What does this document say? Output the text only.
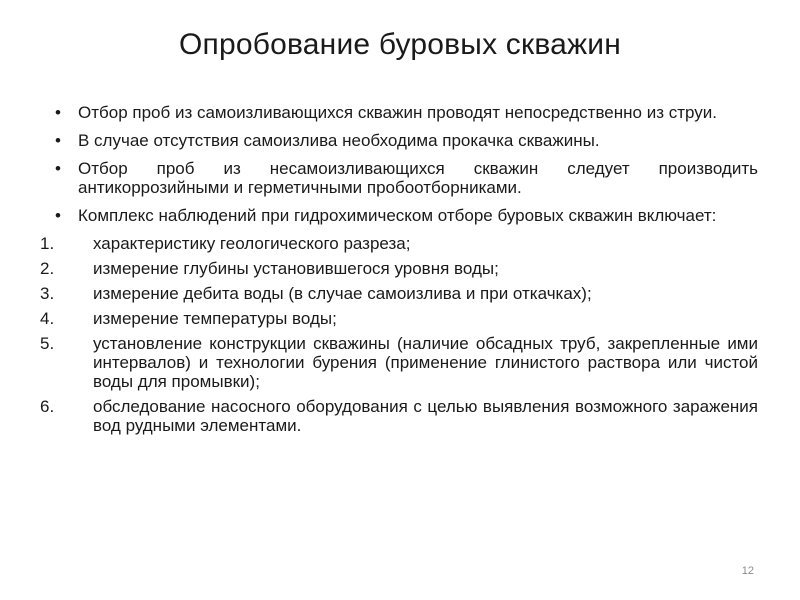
Опробование буровых скважин
•	Отбор проб из самоизливающихся скважин проводят непосредственно из струи.
•	В случае отсутствия самоизлива необходима прокачка скважины.
•	Отбор проб из несамоизливающихся скважин следует производить антикоррозийными и герметичными пробоотборниками.
•	Комплекс наблюдений при гидрохимическом отборе буровых скважин включает:
1.	характеристику геологического разреза;
2.	измерение глубины установившегося уровня воды;
3.	измерение дебита воды (в случае самоизлива и при откачках);
4.	измерение температуры воды;
5.	установление конструкции скважины (наличие обсадных труб, закрепленные ими интервалов) и технологии бурения (применение глинистого раствора или чистой воды для промывки);
6.	обследование насосного оборудования с целью выявления возможного заражения вод рудными элементами.
12
